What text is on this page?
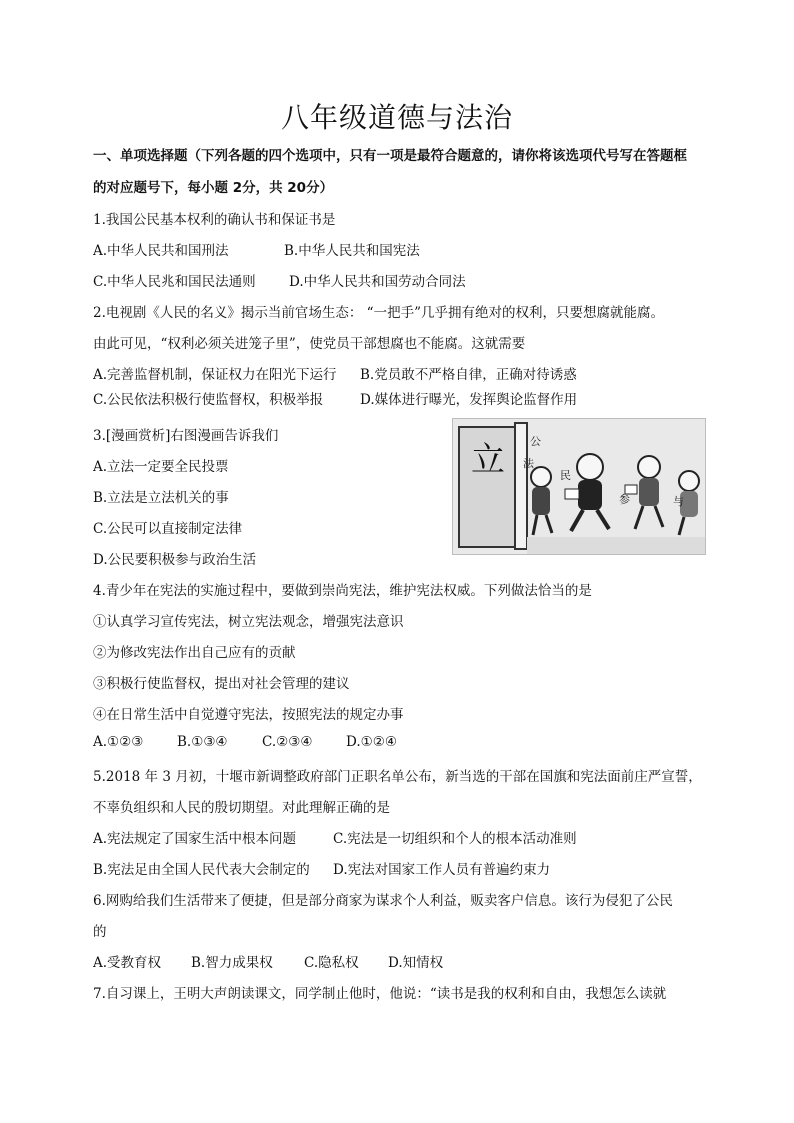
八年级道德与法治
一、单项选择题（下列各题的四个选项中，只有一项是最符合题意的，请你将该选项代号写在答题框
的对应题号下，每小题 2分，共 20分）
1.我国公民基本权利的确认书和保证书是
A.中华人民共和国刑法	B.中华人民共和国宪法
C.中华人民兆和国民法通则 D.中华人民共和国劳动合同法
2.电视剧《人民的名义》揭示当前官场生态： “一把手”几乎拥有绝对的权利，只要想腐就能腐。
由此可见，“权利必须关进笼子里”，使党员干部想腐也不能腐。这就需要
A.完善监督机制，保证权力在阳光下运行 B.党员敢不严格自律，正确对待诱惑
C.公民依法积极行使监督权，积极举报	D.媒体进行曝光，发挥舆论监督作用
3.[漫画赏析]右图漫画告诉我们
A.立法一定要全民投票
B.立法是立法机关的事
C.公民可以直接制定法律
D.公民要积极参与政治生活
立 公
民
参	与
法
4.青少年在宪法的实施过程中，要做到崇尚宪法，维护宪法权威。下列做法恰当的是
①认真学习宣传宪法，树立宪法观念，增强宪法意识
②为修改宪法作出自己应有的贡献
③积极行使监督权，提出对社会管理的建议
④在日常生活中自觉遵守宪法，按照宪法的规定办事
A.①②③ B.①③④	C.②③④ D.①②④
5.2018 年 3 月初，十堰市新调整政府部门正职名单公布，新当选的干部在国旗和宪法面前庄严宣誓，
不辜负组织和人民的殷切期望。对此理解正确的是
A.宪法规定了国家生活中根本问题	C.宪法是一切组织和个人的根本活动准则
B.宪法足由全国人民代表大会制定的 D.宪法对国家工作人员有普遍约束力
6.网购给我们生活带来了便捷，但是部分商家为谋求个人利益，贩卖客户信息。该行为侵犯了公民
的
A.受教育权 B.智力成果权 C.隐私权 D.知情权
7.自习课上，王明大声朗读课文，同学制止他时，他说：“读书是我的权利和自由，我想怎么读就
